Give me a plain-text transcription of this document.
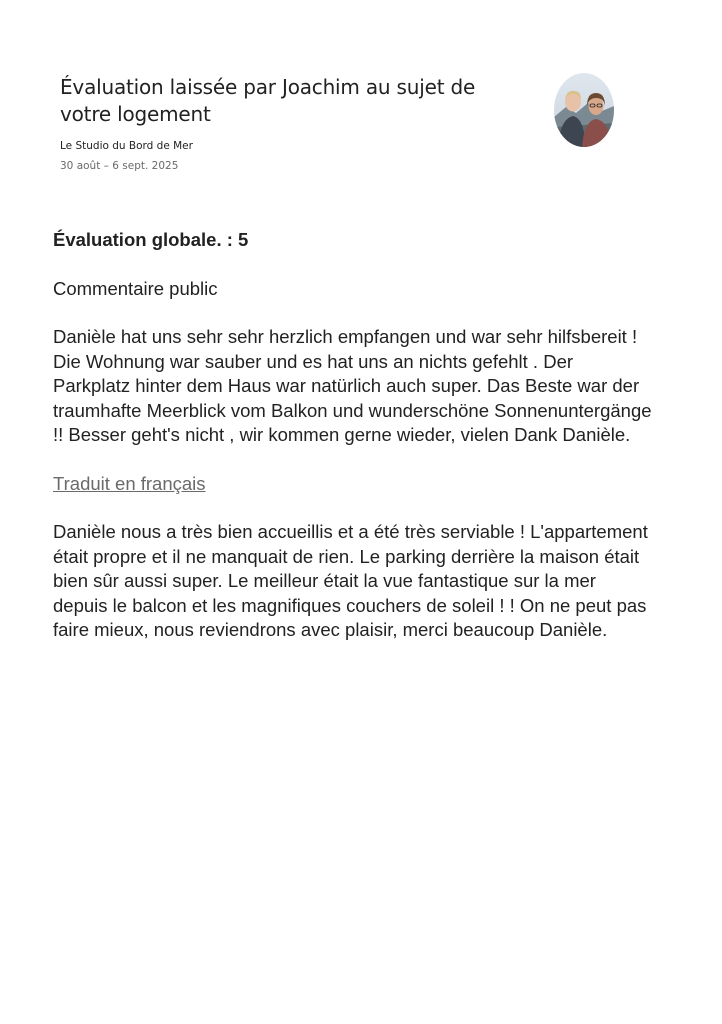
Évaluation laissée par Joachim au sujet de votre logement
Le Studio du Bord de Mer
30 août – 6 sept. 2025

Évaluation globale. : 5

Commentaire public

Danièle hat uns sehr sehr herzlich empfangen und war sehr hilfsbereit ! Die Wohnung war sauber und es hat uns an nichts gefehlt . Der Parkplatz hinter dem Haus war natürlich auch super. Das Beste war der traumhafte Meerblick vom Balkon und wunderschöne Sonnenuntergänge !! Besser geht's nicht , wir kommen gerne wieder, vielen Dank Danièle.

Traduit en français

Danièle nous a très bien accueillis et a été très serviable ! L'appartement était propre et il ne manquait de rien. Le parking derrière la maison était bien sûr aussi super. Le meilleur était la vue fantastique sur la mer depuis le balcon et les magnifiques couchers de soleil ! ! On ne peut pas faire mieux, nous reviendrons avec plaisir, merci beaucoup Danièle.
